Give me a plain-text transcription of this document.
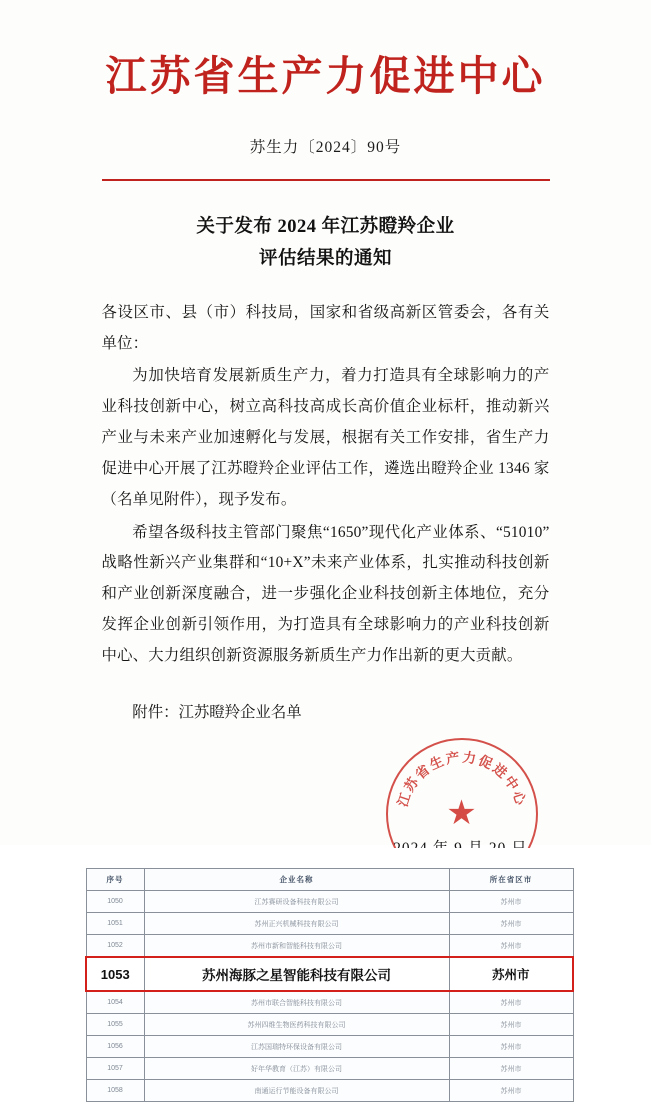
江苏省生产力促进中心
苏生力〔2024〕90号
关于发布 2024 年江苏瞪羚企业
评估结果的通知

各设区市、县（市）科技局，国家和省级高新区管委会，各有关单位：

为加快培育发展新质生产力，着力打造具有全球影响力的产业科技创新中心，树立高科技高成长高价值企业标杆，推动新兴产业与未来产业加速孵化与发展，根据有关工作安排，省生产力促进中心开展了江苏瞪羚企业评估工作，遴选出瞪羚企业 1346 家（名单见附件），现予发布。

希望各级科技主管部门聚焦“1650”现代化产业体系、“51010”战略性新兴产业集群和“10+X”未来产业体系，扎实推动科技创新和产业创新深度融合，进一步强化企业科技创新主体地位，充分发挥企业创新引领作用，为打造具有全球影响力的产业科技创新中心、大力组织创新资源服务新质生产力作出新的更大贡献。

附件：江苏瞪羚企业名单
江苏省生产力促进中心
★
序号	企业名称	所在省区市
1050	江苏赛研设备科技有限公司	苏州市
1051	苏州正兴机械科技有限公司	苏州市
1052	苏州市新和智能科技有限公司	苏州市
1053	苏州海豚之星智能科技有限公司	苏州市
1054	苏州市联合智能科技有限公司	苏州市
1055	苏州四维生物医药科技有限公司	苏州市
1056	江苏国瑞特环保设备有限公司	苏州市
1057	好年华教育（江苏）有限公司	苏州市
1058	南通运行节能设备有限公司	苏州市
